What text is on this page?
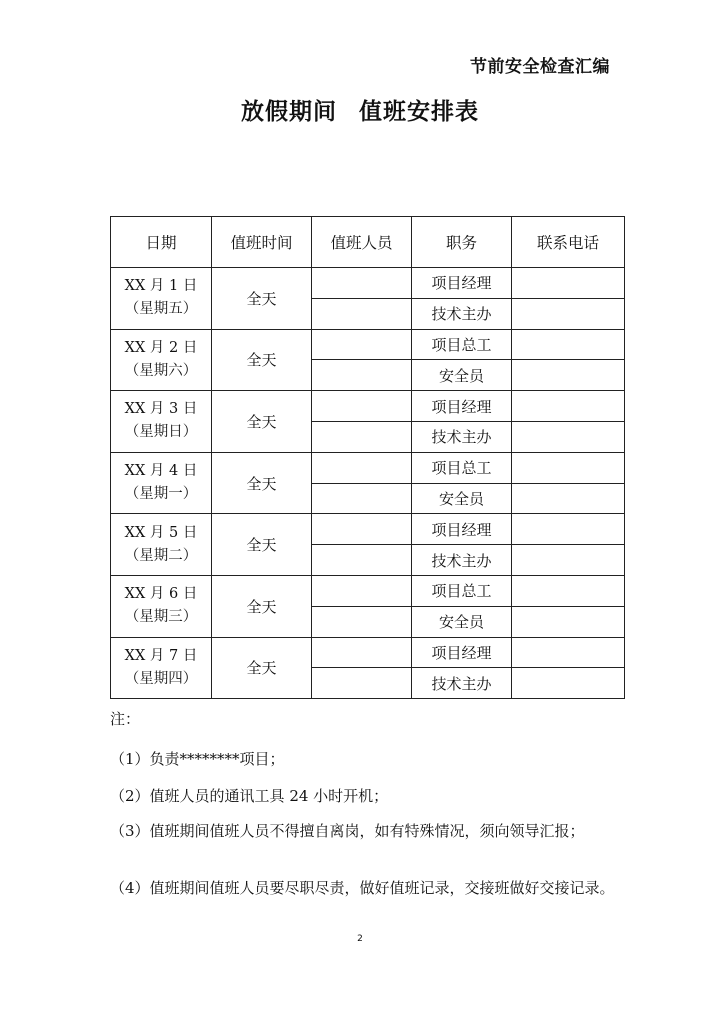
节前安全检查汇编
放假期间 值班安排表
日期	值班时间	值班人员	职务	联系电话

XX 月 1 日
（星期五）	全天		项目经理	
			技术主办	

XX 月 2 日
（星期六）	全天		项目总工	
			安全员	

XX 月 3 日
（星期日）	全天		项目经理	
			技术主办	

XX 月 4 日
（星期一）	全天		项目总工	
			安全员	

XX 月 5 日
（星期二）	全天		项目经理	
			技术主办	

XX 月 6 日
（星期三）	全天		项目总工	
			安全员	

XX 月 7 日
（星期四）	全天		项目经理	
			技术主办	
注：
（1）负责********项目；
（2）值班人员的通讯工具 24 小时开机；
（3）值班期间值班人员不得擅自离岗，如有特殊情况，须向领导汇报；
（4）值班期间值班人员要尽职尽责，做好值班记录，交接班做好交接记录。
2
